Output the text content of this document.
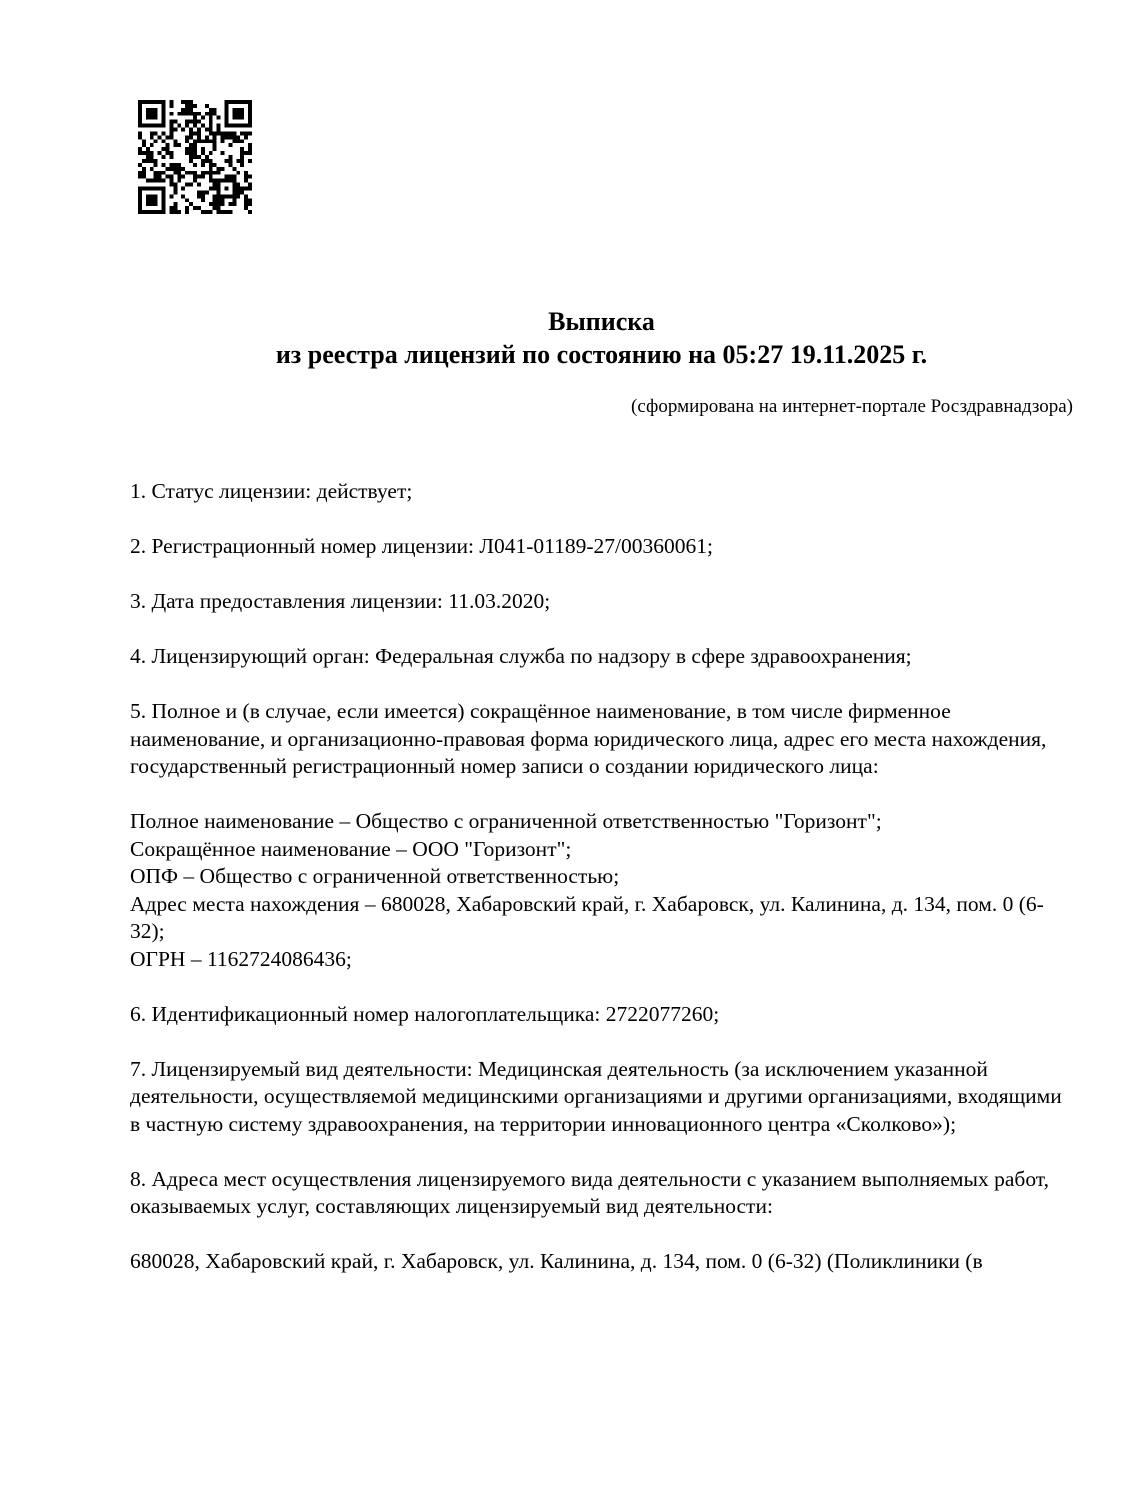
Выписка
из реестра лицензий по состоянию на 05:27 19.11.2025 г.
(сформирована на интернет-портале Росздравнадзора)

1. Статус лицензии: действует;

2. Регистрационный номер лицензии: Л041-01189-27/00360061;

3. Дата предоставления лицензии: 11.03.2020;

4. Лицензирующий орган: Федеральная служба по надзору в сфере здравоохранения;

5. Полное и (в случае, если имеется) сокращённое наименование, в том числе фирменное наименование, и организационно-правовая форма юридического лица, адрес его места нахождения, государственный регистрационный номер записи о создании юридического лица:

Полное наименование – Общество с ограниченной ответственностью "Горизонт";
Сокращённое наименование – ООО "Горизонт";
ОПФ – Общество с ограниченной ответственностью;
Адрес места нахождения – 680028, Хабаровский край, г. Хабаровск, ул. Калинина, д. 134, пом. 0 (6-32);
ОГРН – 1162724086436;

6. Идентификационный номер налогоплательщика: 2722077260;

7. Лицензируемый вид деятельности: Медицинская деятельность (за исключением указанной деятельности, осуществляемой медицинскими организациями и другими организациями, входящими в частную систему здравоохранения, на территории инновационного центра «Сколково»);

8. Адреса мест осуществления лицензируемого вида деятельности с указанием выполняемых работ, оказываемых услуг, составляющих лицензируемый вид деятельности:

680028, Хабаровский край, г. Хабаровск, ул. Калинина, д. 134, пом. 0 (6-32) (Поликлиники (в
